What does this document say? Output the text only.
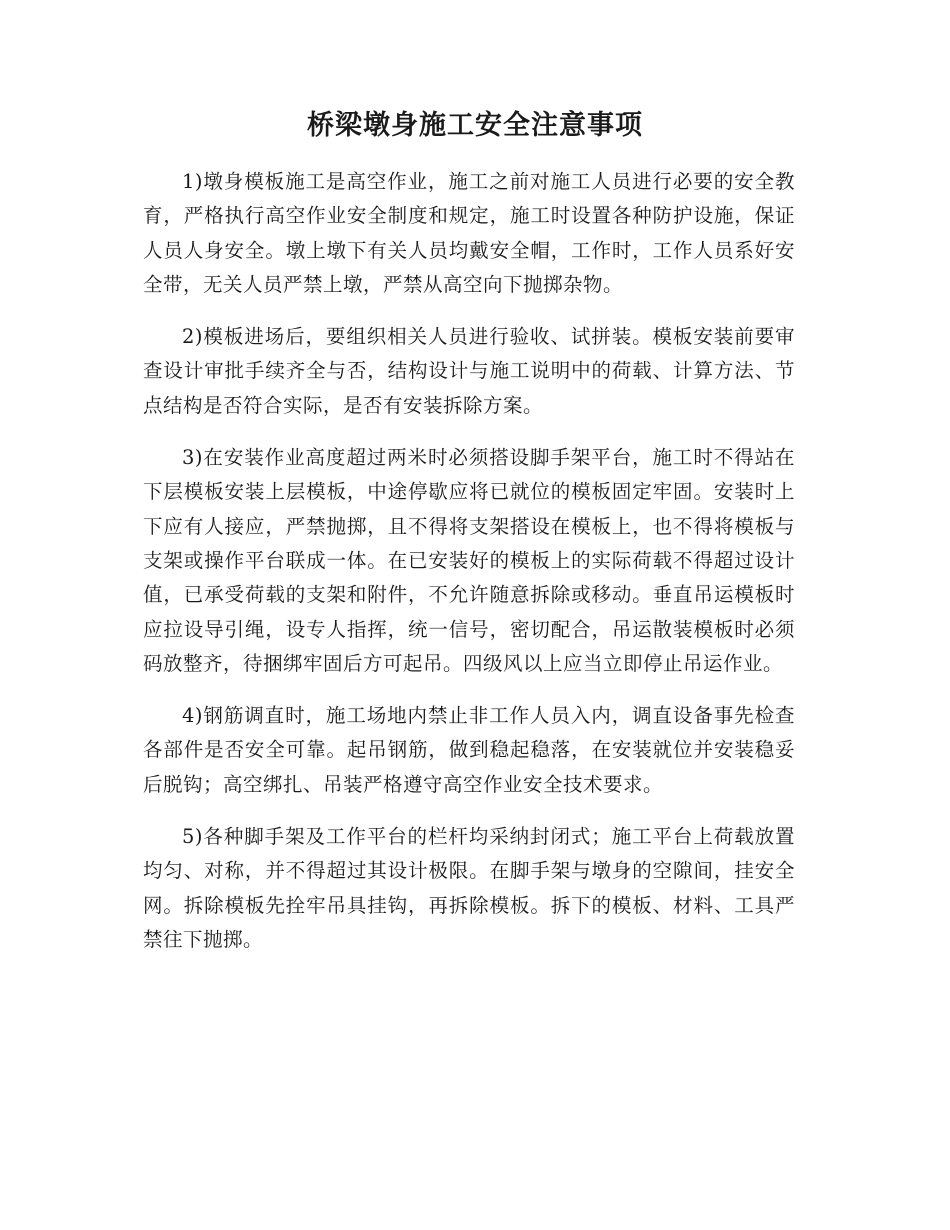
桥梁墩身施工安全注意事项

1)墩身模板施工是高空作业，施工之前对施工人员进行必要的安全教育，严格执行高空作业安全制度和规定，施工时设置各种防护设施，保证人员人身安全。墩上墩下有关人员均戴安全帽，工作时，工作人员系好安全带，无关人员严禁上墩，严禁从高空向下抛掷杂物。

2)模板进场后，要组织相关人员进行验收、试拼装。模板安装前要审查设计审批手续齐全与否，结构设计与施工说明中的荷载、计算方法、节点结构是否符合实际，是否有安装拆除方案。

3)在安装作业高度超过两米时必须搭设脚手架平台，施工时不得站在下层模板安装上层模板，中途停歇应将已就位的模板固定牢固。安装时上下应有人接应，严禁抛掷，且不得将支架搭设在模板上，也不得将模板与支架或操作平台联成一体。在已安装好的模板上的实际荷载不得超过设计值，已承受荷载的支架和附件，不允许随意拆除或移动。垂直吊运模板时应拉设导引绳，设专人指挥，统一信号，密切配合，吊运散装模板时必须码放整齐，待捆绑牢固后方可起吊。四级风以上应当立即停止吊运作业。

4)钢筋调直时，施工场地内禁止非工作人员入内，调直设备事先检查各部件是否安全可靠。起吊钢筋，做到稳起稳落，在安装就位并安装稳妥后脱钩；高空绑扎、吊装严格遵守高空作业安全技术要求。

5)各种脚手架及工作平台的栏杆均采纳封闭式；施工平台上荷载放置均匀、对称，并不得超过其设计极限。在脚手架与墩身的空隙间，挂安全网。拆除模板先拴牢吊具挂钩，再拆除模板。拆下的模板、材料、工具严禁往下抛掷。
